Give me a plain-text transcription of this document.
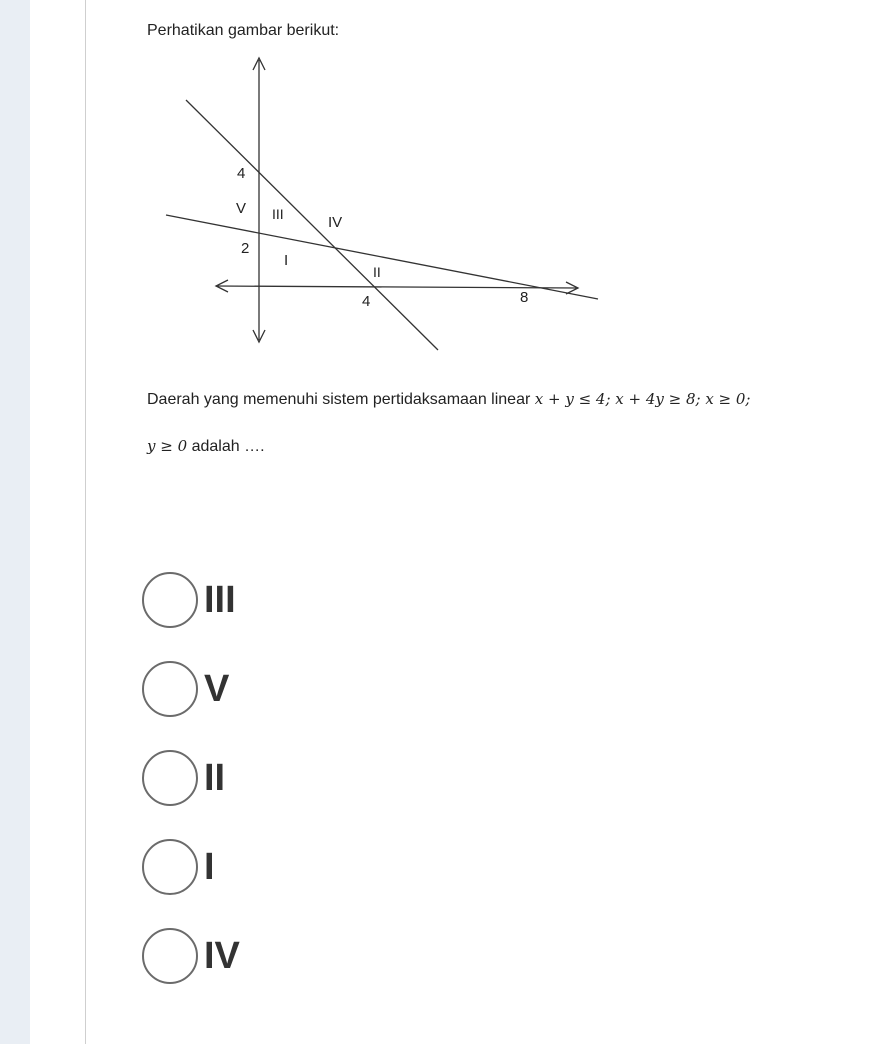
Perhatikan gambar berikut:
4
2
4	8
V III	IV
I
II
Daerah yang memenuhi sistem pertidaksamaan linear x + y ≤ 4; x + 4y ≥ 8; x ≥ 0;
y ≥ 0 adalah ….
III
V
II
I
IV
